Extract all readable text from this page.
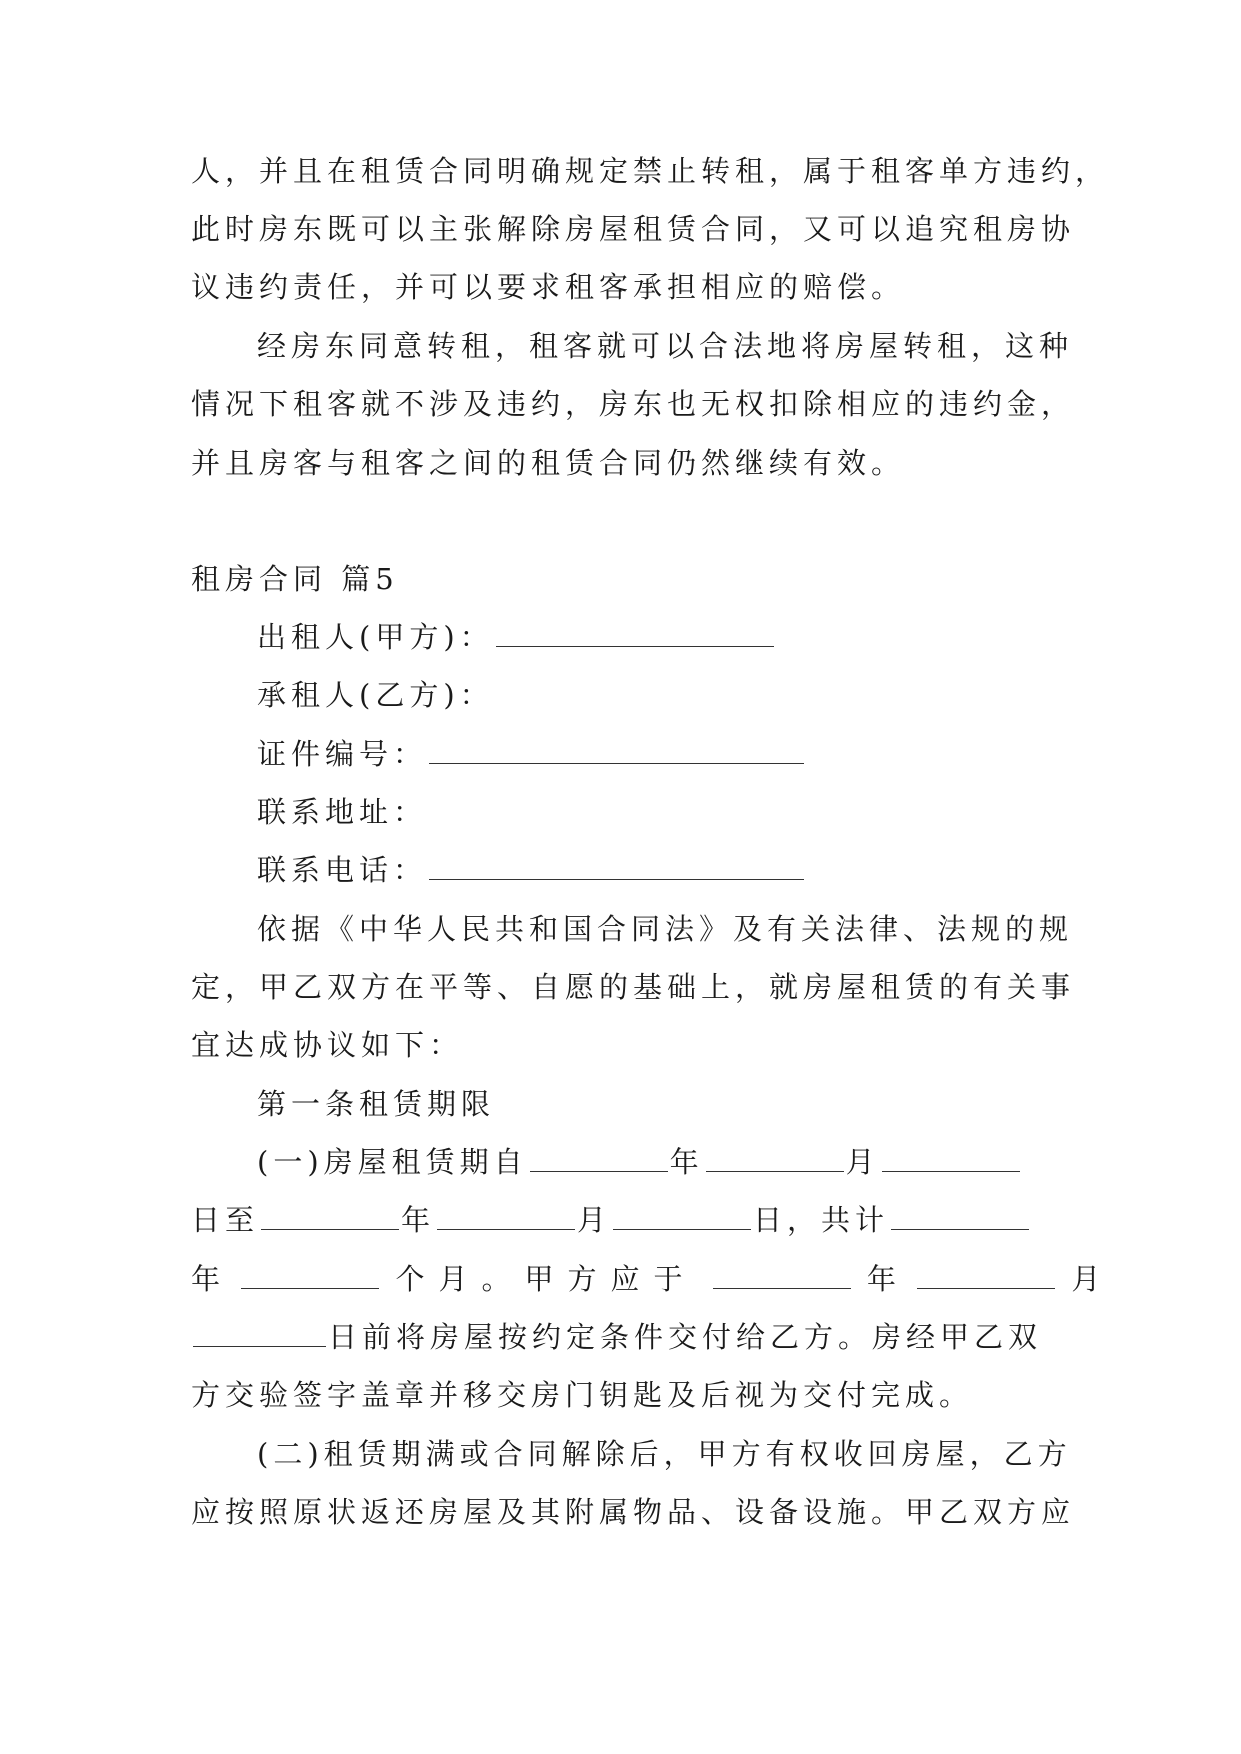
人，并且在租赁合同明确规定禁止转租，属于租客单方违约，
此时房东既可以主张解除房屋租赁合同，又可以追究租房协
议违约责任，并可以要求租客承担相应的赔偿。
经房东同意转租，租客就可以合法地将房屋转租，这种
情况下租客就不涉及违约，房东也无权扣除相应的违约金，
并且房客与租客之间的租赁合同仍然继续有效。
租房合同 篇5
出租人(甲方)：
承租人(乙方)：
证件编号：
联系地址：
联系电话：
依据《中华人民共和国合同法》及有关法律、法规的规
定，甲乙双方在平等、自愿的基础上，就房屋租赁的有关事
宜达成协议如下：
第一条租赁期限
(一)房屋租赁期自	年	月
日至	年	月	日，共计
年	个月。甲方应于	年	月
日前将房屋按约定条件交付给乙方。房经甲乙双
方交验签字盖章并移交房门钥匙及后视为交付完成。
(二)租赁期满或合同解除后，甲方有权收回房屋，乙方
应按照原状返还房屋及其附属物品、设备设施。甲乙双方应
